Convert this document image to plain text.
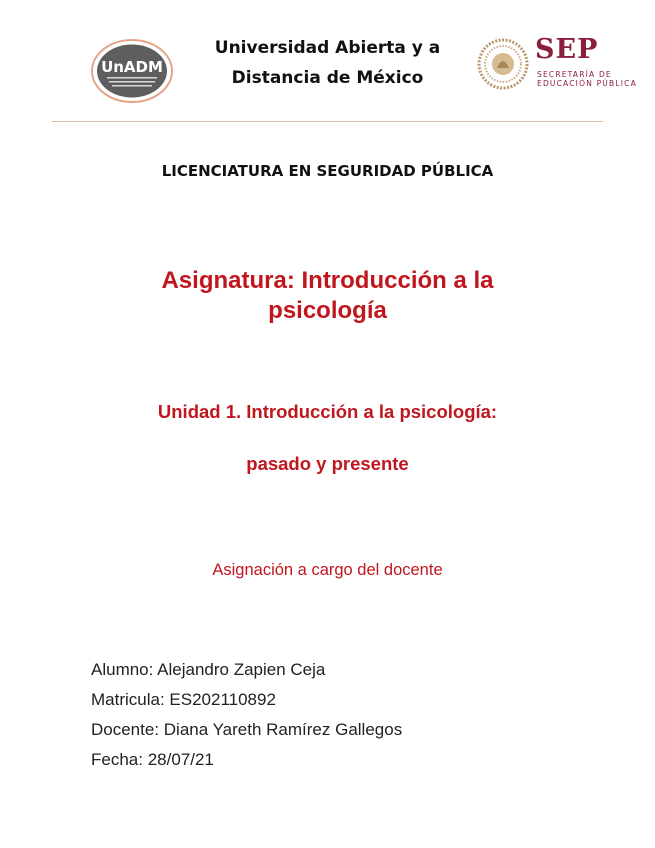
UnADM
Universidad Abierta y a
Distancia de México
SEP
SECRETARÍA DE
EDUCACIÓN PÚBLICA
LICENCIATURA EN SEGURIDAD PÚBLICA
Asignatura: Introducción a la
psicología
Unidad 1. Introducción a la psicología:
pasado y presente
Asignación a cargo del docente
Alumno: Alejandro Zapien Ceja
Matricula: ES202110892
Docente: Diana Yareth Ramírez Gallegos
Fecha: 28/07/21
